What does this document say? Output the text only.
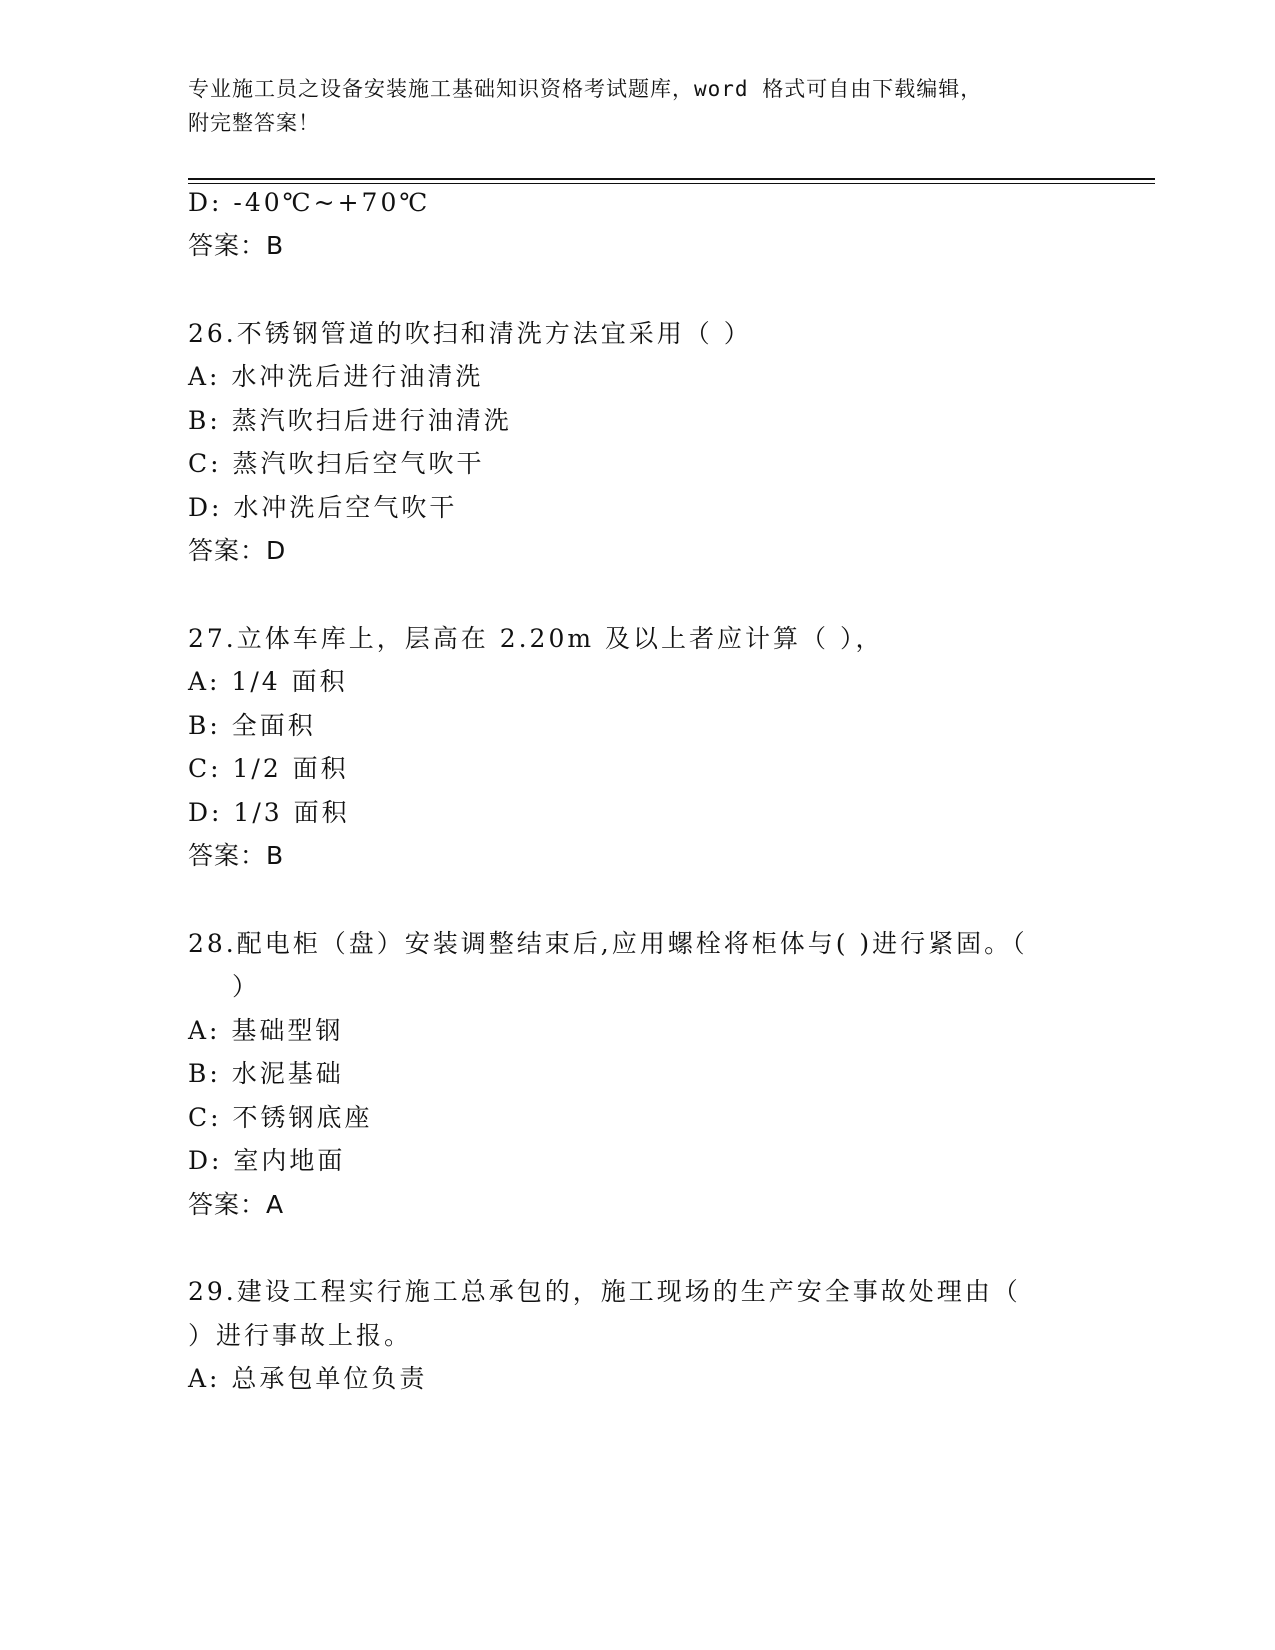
专业施工员之设备安装施工基础知识资格考试题库，word 格式可自由下载编辑，
附完整答案！
D: -40℃~+70℃
答案：B
26.不锈钢管道的吹扫和清洗方法宜采用（ ）
A: 水冲洗后进行油清洗
B: 蒸汽吹扫后进行油清洗
C: 蒸汽吹扫后空气吹干
D: 水冲洗后空气吹干
答案：D
27.立体车库上，层高在 2.20m 及以上者应计算（ ），
A: 1/4 面积
B: 全面积
C: 1/2 面积
D: 1/3 面积
答案：B
28.配电柜（盘）安装调整结束后,应用螺栓将柜体与( )进行紧固。（
）
A: 基础型钢
B: 水泥基础
C: 不锈钢底座
D: 室内地面
答案：A
29.建设工程实行施工总承包的，施工现场的生产安全事故处理由（
）进行事故上报。
A: 总承包单位负责
